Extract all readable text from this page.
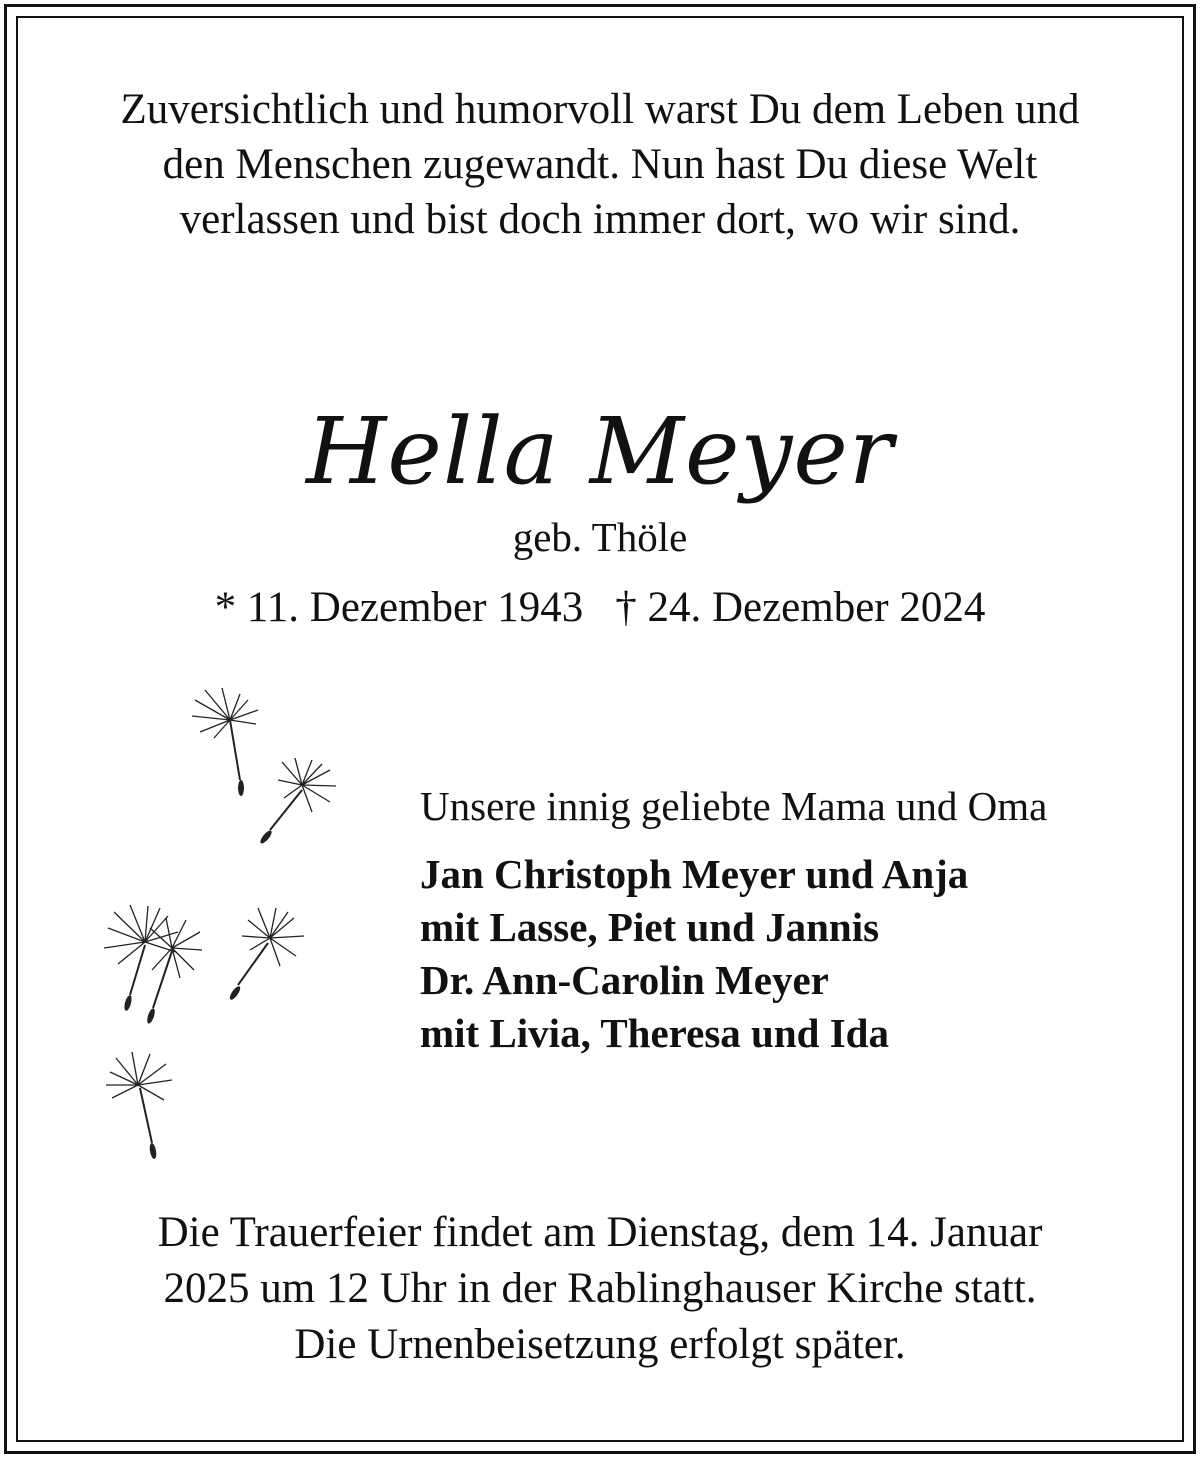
Zuversichtlich und humorvoll warst Du dem Leben und
den Menschen zugewandt. Nun hast Du diese Welt
verlassen und bist doch immer dort, wo wir sind.
Hella Meyer
geb. Thöle
* 11. Dezember 1943 † 24. Dezember 2024
Unsere innig geliebte Mama und Oma
Jan Christoph Meyer und Anja
mit Lasse, Piet und Jannis
Dr. Ann-Carolin Meyer
mit Livia, Theresa und Ida
Die Trauerfeier findet am Dienstag, dem 14. Januar
2025 um 12 Uhr in der Rablinghauser Kirche statt.
Die Urnenbeisetzung erfolgt später.
